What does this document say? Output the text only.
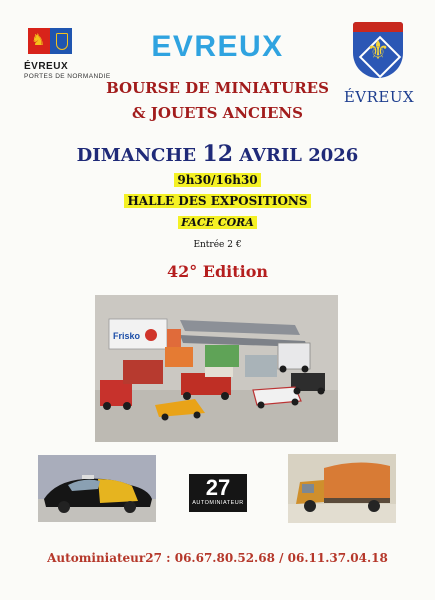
♞
ÉVREUX
PORTES DE NORMANDIE
⚜
ÉVREUX
EVREUX
BOURSE DE MINIATURES
& JOUETS ANCIENS
DIMANCHE 12 AVRIL 2026
9h30/16h30
HALLE DES EXPOSITIONS
FACE CORA
Entrée 2 €
42° Edition
Frisko
27
AUTOMINIATEUR
Autominiateur27 : 06.67.80.52.68 / 06.11.37.04.18
